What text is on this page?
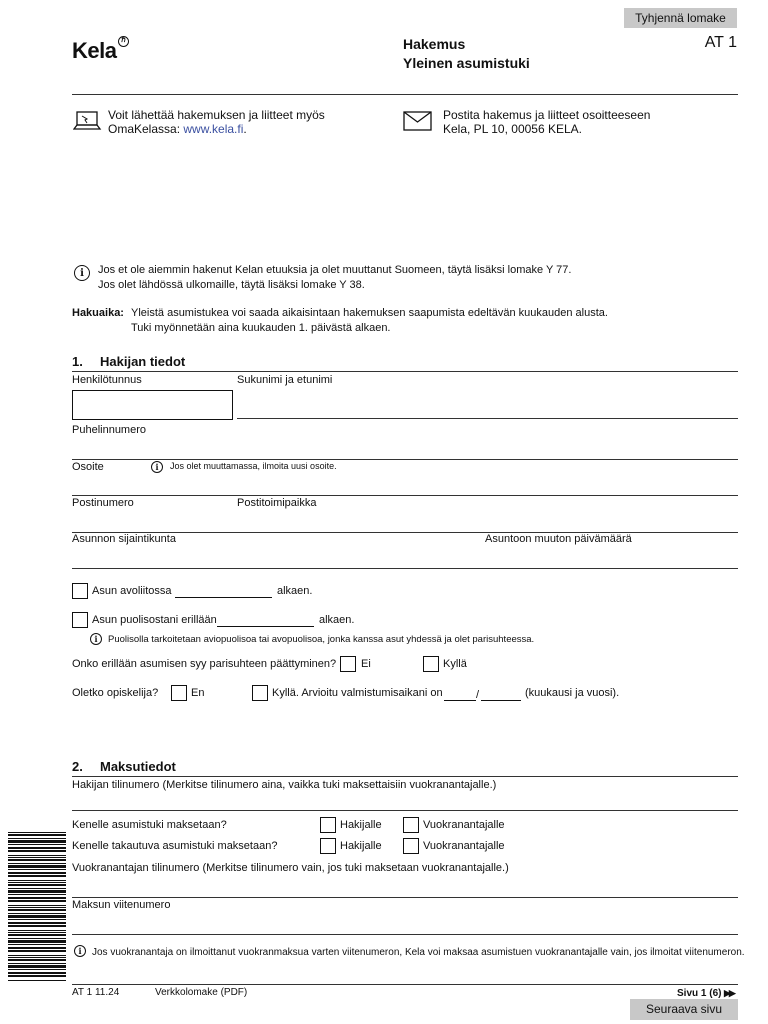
Tyhjennä lomake
Kela ℏ	Hakemus
Yleinen asumistuki
AT 1
Voit lähettää hakemuksen ja liitteet myös
OmaKelassa: www.kela.fi.
Postita hakemus ja liitteet osoitteeseen
Kela, PL 10, 00056 KELA.
i	Jos et ole aiemmin hakenut Kelan etuuksia ja olet muuttanut Suomeen, täytä lisäksi lomake Y 77.
Jos olet lähdössä ulkomaille, täytä lisäksi lomake Y 38.
Hakuaika: Yleistä asumistukea voi saada aikaisintaan hakemuksen saapumista edeltävän kuukauden alusta.
Tuki myönnetään aina kuukauden 1. päivästä alkaen.
1. Hakijan tiedot
Henkilötunnus	Sukunimi ja etunimi
Puhelinnumero
Osoite	i	Jos olet muuttamassa, ilmoita uusi osoite.
Postinumero	Postitoimipaikka
Asunnon sijaintikunta	Asuntoon muuton päivämäärä
Asun avoliitossa	alkaen.
Asun puolisostani erillään	alkaen.
i	Puolisolla tarkoitetaan aviopuolisoa tai avopuolisoa, jonka kanssa asut yhdessä ja olet parisuhteessa.
Onko erillään asumisen syy parisuhteen päättyminen? Ei	Kyllä
Oletko opiskelija?	En	Kyllä. Arvioitu valmistumisaikani on	/	(kuukausi ja vuosi).
2. Maksutiedot
Hakijan tilinumero (Merkitse tilinumero aina, vaikka tuki maksettaisiin vuokranantajalle.)
Kenelle asumistuki maksetaan?	Hakijalle	Vuokranantajalle
Kenelle takautuva asumistuki maksetaan?	Hakijalle	Vuokranantajalle
Vuokranantajan tilinumero (Merkitse tilinumero vain, jos tuki maksetaan vuokranantajalle.)
Maksun viitenumero
i	Jos vuokranantaja on ilmoittanut vuokranmaksua varten viitenumeron, Kela voi maksaa asumistuen vuokranantajalle vain, jos ilmoitat viitenumeron.
AT 1 11.24	Verkkolomake (PDF)	Sivu 1 (6) ▶▶
Seuraava sivu
